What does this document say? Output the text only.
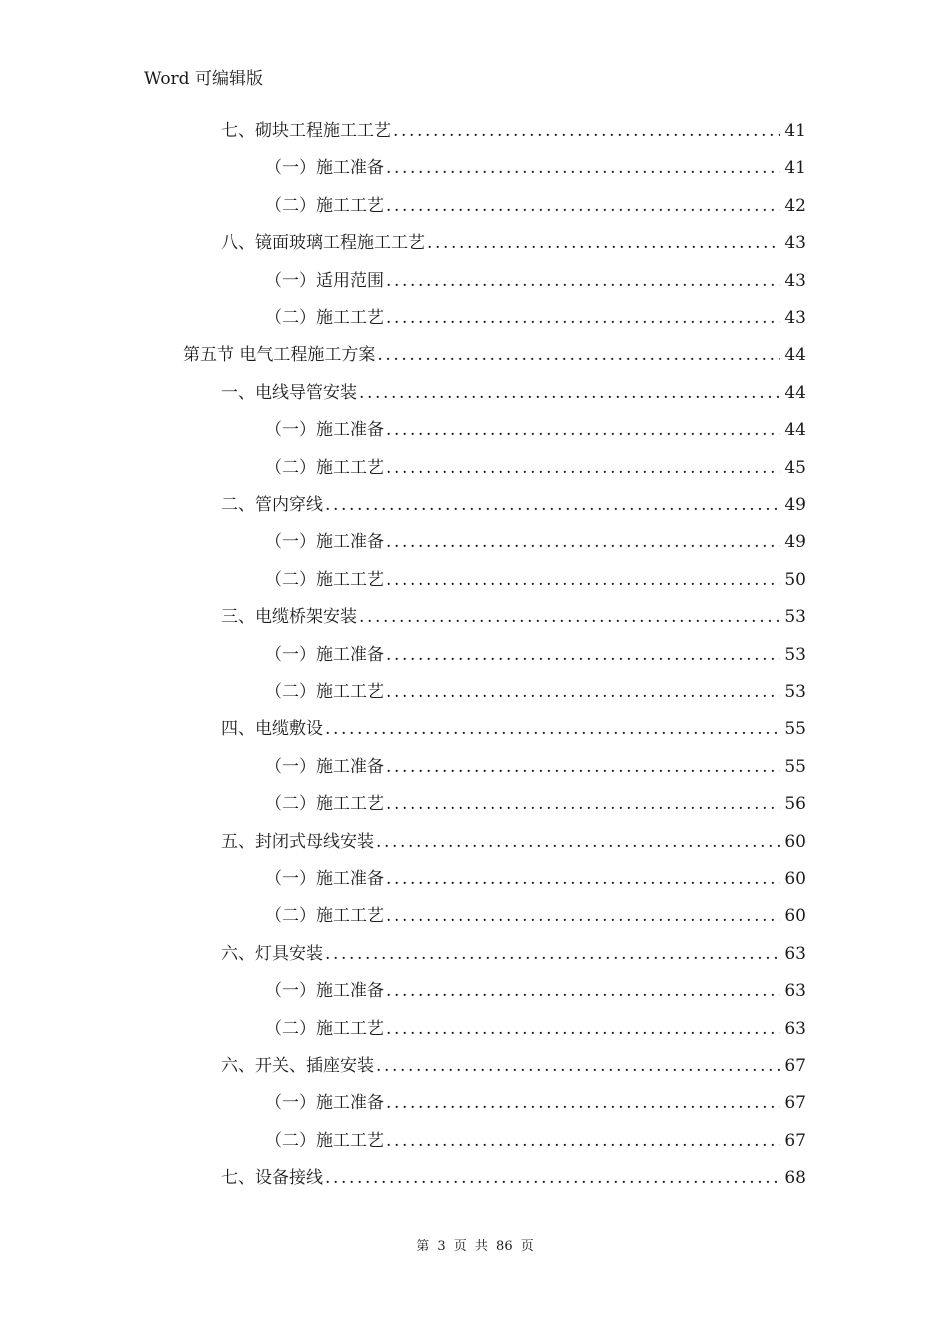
Word 可编辑版
七、砌块工程施工工艺 .....	41
（一）施工准备 .....	41
（二）施工工艺 .....	42
八、镜面玻璃工程施工工艺 .....	43
（一）适用范围 .....	43
（二）施工工艺 .....	43
第五节 电气工程施工方案 .....	44
一、电线导管安装 .....	44
（一）施工准备 .....	44
（二）施工工艺 .....	45
二、管内穿线 .....	49
（一）施工准备 .....	49
（二）施工工艺 .....	50
三、电缆桥架安装 .....	53
（一）施工准备 .....	53
（二）施工工艺 .....	53
四、电缆敷设 .....	55
（一）施工准备 .....	55
（二）施工工艺 .....	56
五、封闭式母线安装 .....	60
（一）施工准备 .....	60
（二）施工工艺 .....	60
六、灯具安装 .....	63
（一）施工准备 .....	63
（二）施工工艺 .....	63
六、开关、插座安装 .....	67
（一）施工准备 .....	67
（二）施工工艺 .....	67
七、设备接线 .....	68
第 3 页 共 86 页
